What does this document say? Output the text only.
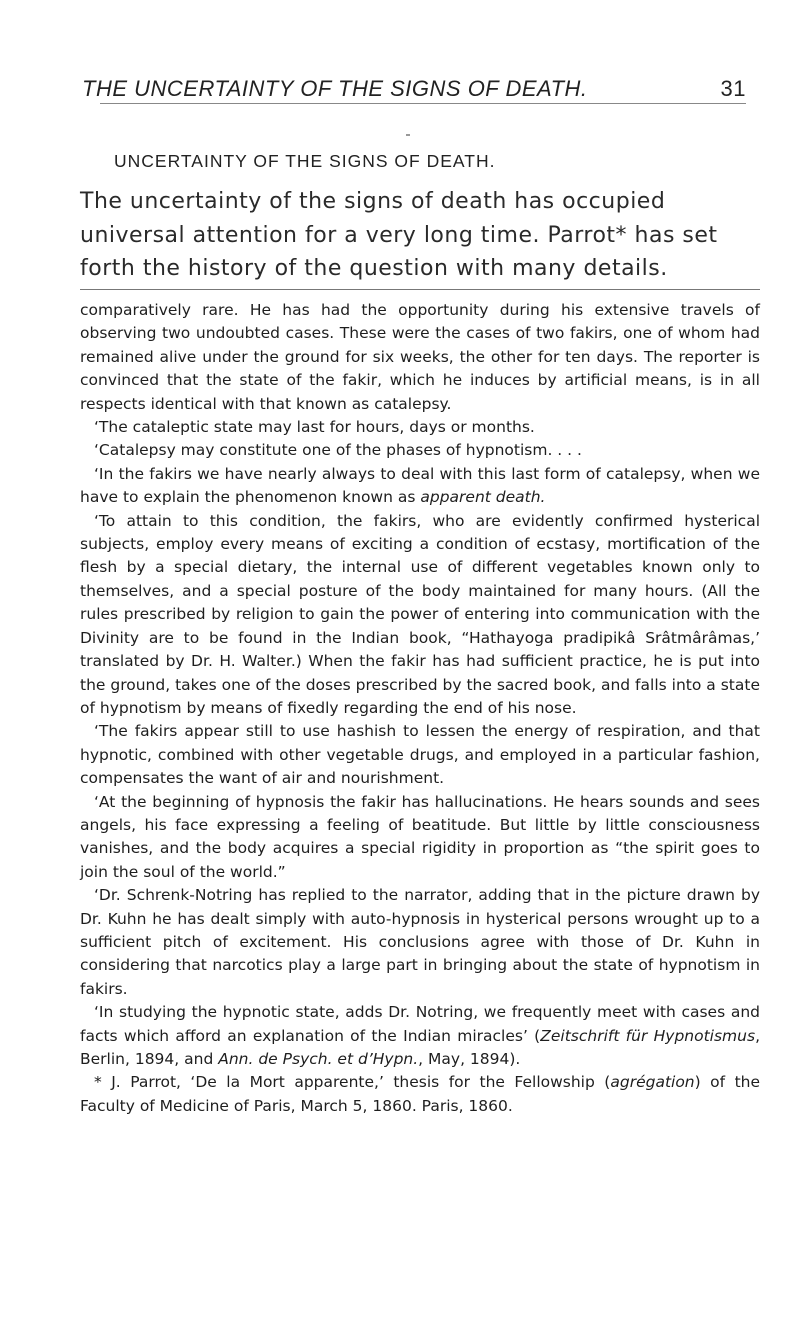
THE UNCERTAINTY OF THE SIGNS OF DEATH.	31
UNCERTAINTY OF THE SIGNS OF DEATH.

The uncertainty of the signs of death has occupied universal attention for a very long time. Parrot* has set forth the history of the question with many details.

comparatively rare. He has had the opportunity during his extensive travels of observing two undoubted cases. These were the cases of two fakirs, one of whom had remained alive under the ground for six weeks, the other for ten days. The reporter is convinced that the state of the fakir, which he induces by artificial means, is in all respects identical with that known as catalepsy.

‘The cataleptic state may last for hours, days or months.

‘Catalepsy may constitute one of the phases of hypnotism. . . .

‘In the fakirs we have nearly always to deal with this last form of catalepsy, when we have to explain the phenomenon known as apparent death.

‘To attain to this condition, the fakirs, who are evidently confirmed hysterical subjects, employ every means of exciting a condition of ecstasy, mortification of the flesh by a special dietary, the internal use of different vegetables known only to themselves, and a special posture of the body maintained for many hours. (All the rules prescribed by religion to gain the power of entering into communication with the Divinity are to be found in the Indian book, “Hathayoga pradipikâ Srâtmârâmas,’ translated by Dr. H. Walter.) When the fakir has had sufficient practice, he is put into the ground, takes one of the doses prescribed by the sacred book, and falls into a state of hypnotism by means of fixedly regarding the end of his nose.

‘The fakirs appear still to use hashish to lessen the energy of respiration, and that hypnotic, combined with other vegetable drugs, and employed in a particular fashion, compensates the want of air and nourishment.

‘At the beginning of hypnosis the fakir has hallucinations. He hears sounds and sees angels, his face expressing a feeling of beatitude. But little by little consciousness vanishes, and the body acquires a special rigidity in proportion as “the spirit goes to join the soul of the world.”

‘Dr. Schrenk-Notring has replied to the narrator, adding that in the picture drawn by Dr. Kuhn he has dealt simply with auto-hypnosis in hysterical persons wrought up to a sufficient pitch of excitement. His conclusions agree with those of Dr. Kuhn in considering that narcotics play a large part in bringing about the state of hypnotism in fakirs.

‘In studying the hypnotic state, adds Dr. Notring, we frequently meet with cases and facts which afford an explanation of the Indian miracles’ (Zeitschrift für Hypnotismus, Berlin, 1894, and Ann. de Psych. et d’Hypn., May, 1894).

* J. Parrot, ‘De la Mort apparente,’ thesis for the Fellowship (agrégation) of the Faculty of Medicine of Paris, March 5, 1860. Paris, 1860.
